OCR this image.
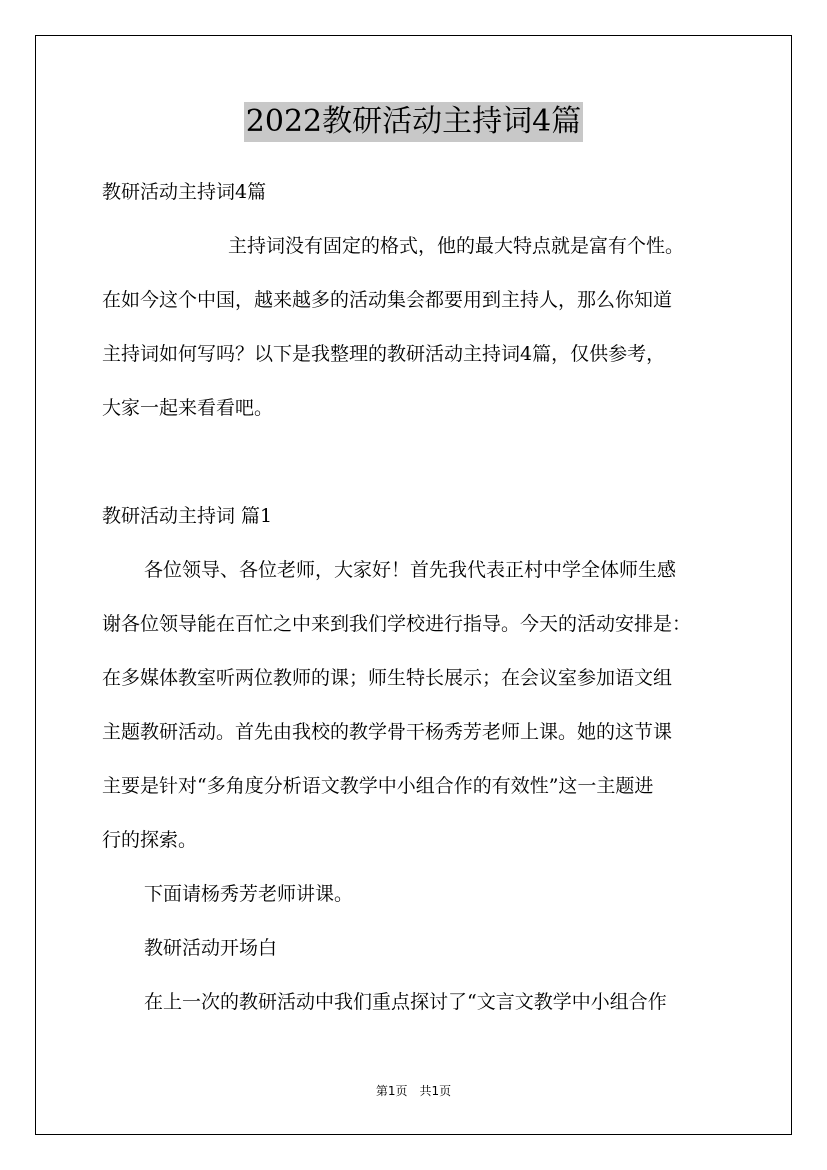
2022教研活动主持词4篇

教研活动主持词4篇

主持词没有固定的格式，他的最大特点就是富有个性。

在如今这个中国，越来越多的活动集会都要用到主持人，那么你知道

主持词如何写吗？以下是我整理的教研活动主持词4篇，仅供参考，

大家一起来看看吧。

教研活动主持词 篇1

各位领导、各位老师，大家好！首先我代表正村中学全体师生感

谢各位领导能在百忙之中来到我们学校进行指导。今天的活动安排是：

在多媒体教室听两位教师的课；师生特长展示；在会议室参加语文组

主题教研活动。首先由我校的教学骨干杨秀芳老师上课。她的这节课

主要是针对“多角度分析语文教学中小组合作的有效性”这一主题进

行的探索。

下面请杨秀芳老师讲课。

教研活动开场白

在上一次的教研活动中我们重点探讨了“文言文教学中小组合作

第1页　共1页
